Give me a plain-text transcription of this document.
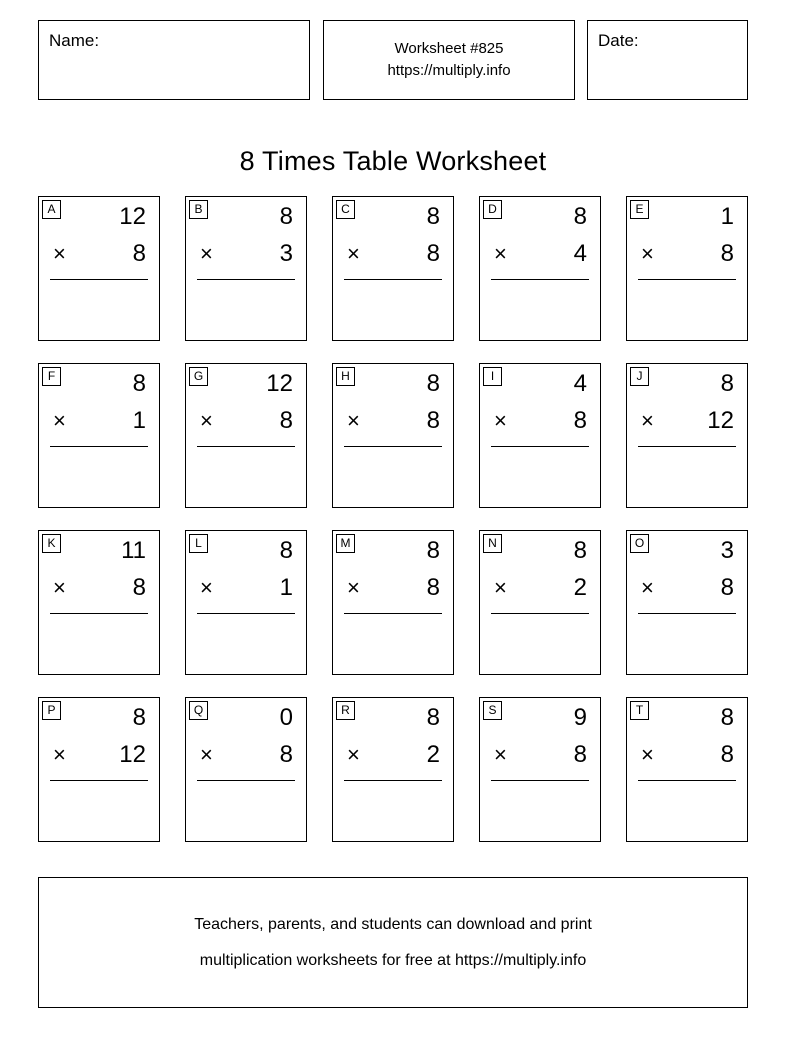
Name:	Worksheet #825
https://multiply.info
Date:
8 Times Table Worksheet
A	12
×	8
B	8
×	3
C	8
×	8
D	8
×	4
E	1
×	8
F	8
×	1
G	12
×	8
H	8
×	8
I	4
×	8
J	8
× 12
K	11
×	8
L	8
×	1
M	8
×	8
N	8
×	2
O	3
×	8
P	8
× 12
Q	0
×	8
R	8
×	2
S	9
×	8
T	8
×	8
Teachers, parents, and students can download and print
multiplication worksheets for free at https://multiply.info
